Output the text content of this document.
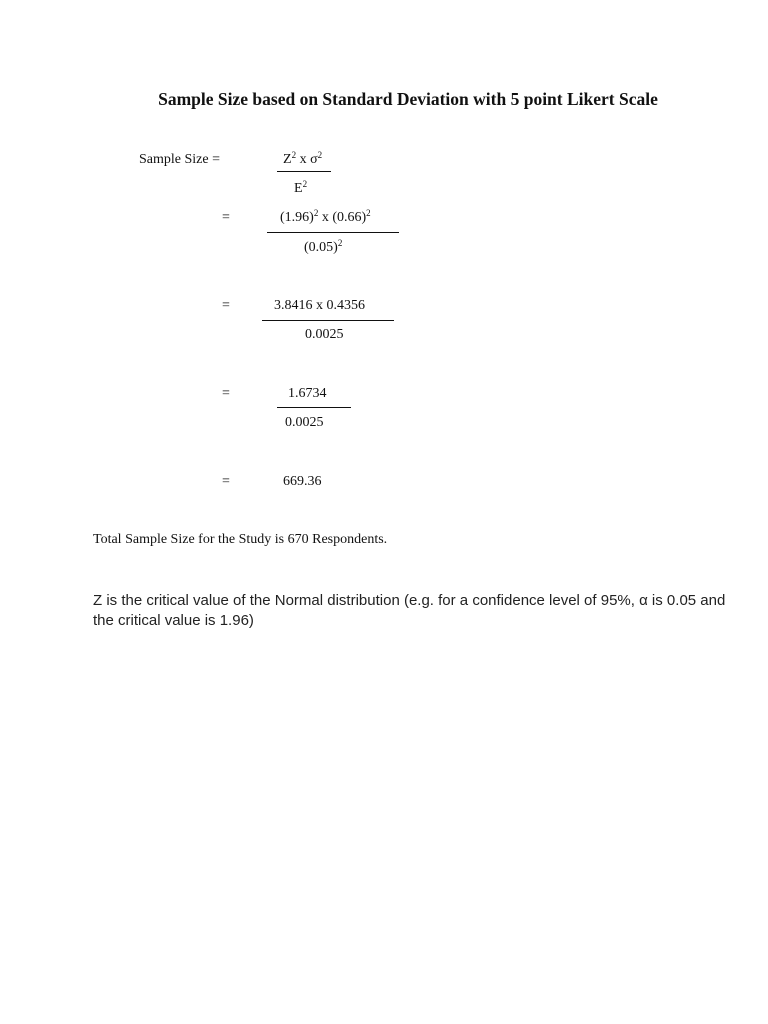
Sample Size based on Standard Deviation with 5 point Likert Scale
Sample Size =	$Z^2$ x $\sigma^2$
$E^2$
=	$(1.96)^2$ x $(0.66)^2$
$(0.05)^2$
=	3.8416 x 0.4356
0.0025
=	1.6734
0.0025
=	669.36
Total Sample Size for the Study is 670 Respondents.
Z is the critical value of the Normal distribution (e.g. for a confidence level of 95%, α is 0.05 and the critical value is 1.96)
